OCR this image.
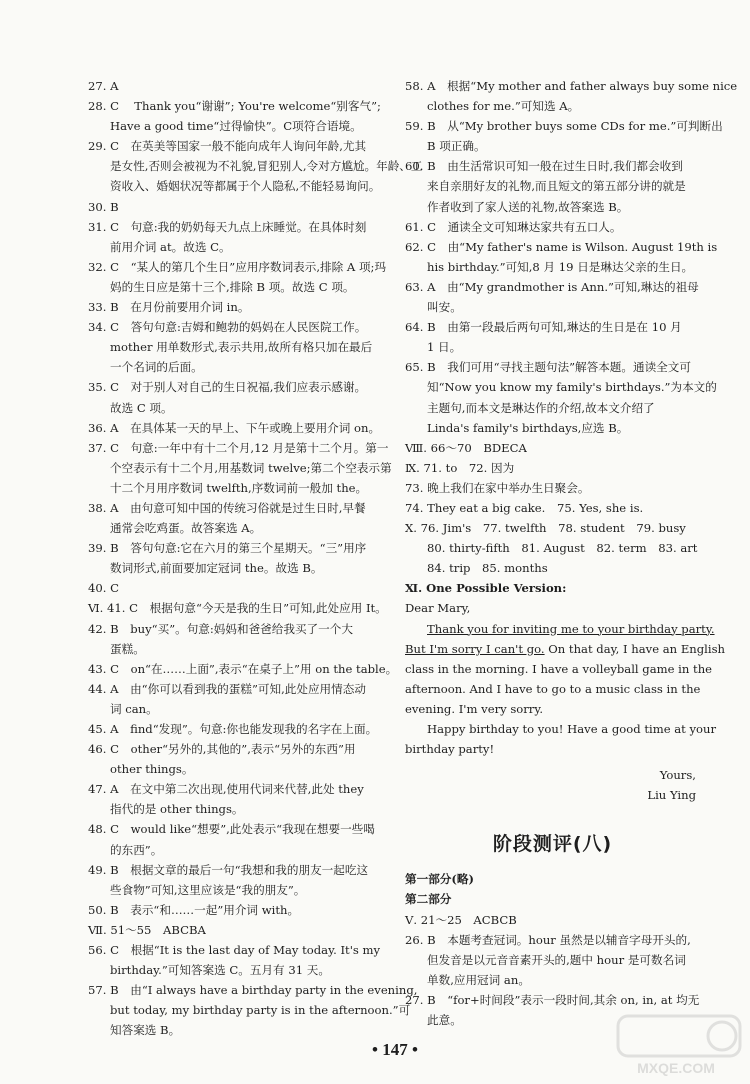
27. A
28. C　 Thank you“谢谢”; You're welcome“别客气”;
Have a good time“过得愉快”。C项符合语境。
29. C　在英美等国家一般不能向成年人询问年龄,尤其
是女性,否则会被视为不礼貌,冒犯别人,令对方尴尬。年龄、工
资收入、婚姻状况等都属于个人隐私,不能轻易询问。
30. B
31. C　句意:我的奶奶每天九点上床睡觉。在具体时刻
前用介词 at。故选 C。
32. C　“某人的第几个生日”应用序数词表示,排除 A 项;玛
妈的生日应是第十三个,排除 B 项。故选 C 项。
33. B　在月份前要用介词 in。
34. C　答句句意:吉姆和鲍勃的妈妈在人民医院工作。
mother 用单数形式,表示共用,故所有格只加在最后
一个名词的后面。
35. C　对于别人对自己的生日祝福,我们应表示感谢。
故选 C 项。
36. A　在具体某一天的早上、下午或晚上要用介词 on。
37. C　句意:一年中有十二个月,12 月是第十二个月。第一
个空表示有十二个月,用基数词 twelve;第二个空表示第
十二个月用序数词 twelfth,序数词前一般加 the。
38. A　由句意可知中国的传统习俗就是过生日时,早餐
通常会吃鸡蛋。故答案选 A。
39. B　答句句意:它在六月的第三个星期天。“三”用序
数词形式,前面要加定冠词 the。故选 B。
40. C
Ⅵ. 41. C　根据句意“今天是我的生日”可知,此处应用 It。
42. B　buy“买”。句意:妈妈和爸爸给我买了一个大
蛋糕。
43. C　on“在……上面”,表示“在桌子上”用 on the table。
44. A　由“你可以看到我的蛋糕”可知,此处应用情态动
词 can。
45. A　find“发现”。句意:你也能发现我的名字在上面。
46. C　other“另外的,其他的”,表示“另外的东西”用
other things。
47. A　在文中第二次出现,使用代词来代替,此处 they
指代的是 other things。
48. C　would like“想要”,此处表示“我现在想要一些喝
的东西”。
49. B　根据文章的最后一句“我想和我的朋友一起吃这
些食物”可知,这里应该是“我的朋友”。
50. B　表示“和……一起”用介词 with。
Ⅶ. 51～55　ABCBA
56. C　根据“It is the last day of May today. It's my
birthday.”可知答案选 C。五月有 31 天。
57. B　由“I always have a birthday party in the evening,
but today, my birthday party is in the afternoon.”可
知答案选 B。
58. A　根据“My mother and father always buy some nice
clothes for me.”可知选 A。
59. B　从“My brother buys some CDs for me.”可判断出
B 项正确。
60. B　由生活常识可知一般在过生日时,我们都会收到
来自亲朋好友的礼物,而且短文的第五部分讲的就是
作者收到了家人送的礼物,故答案选 B。
61. C　通读全文可知琳达家共有五口人。
62. C　由“My father's name is Wilson. August 19th is
his birthday.”可知,8 月 19 日是琳达父亲的生日。
63. A　由“My grandmother is Ann.”可知,琳达的祖母
叫安。
64. B　由第一段最后两句可知,琳达的生日是在 10 月
1 日。
65. B　我们可用“寻找主题句法”解答本题。通读全文可
知“Now you know my family's birthdays.”为本文的
主题句,而本文是琳达作的介绍,故本文介绍了
Linda's family's birthdays,应选 B。
Ⅷ. 66～70　BDECA
Ⅸ. 71. to　72. 因为
73. 晚上我们在家中举办生日聚会。
74. They eat a big cake.　75. Yes, she is.
Ⅹ. 76. Jim's　77. twelfth　78. student　79. busy
80. thirty-fifth　81. August　82. term　83. art
84. trip　85. months
Ⅺ. One Possible Version:
Dear Mary,
Thank you for inviting me to your birthday party.
But I'm sorry I can't go. On that day, I have an English
class in the morning. I have a volleyball game in the
afternoon. And I have to go to a music class in the
evening. I'm very sorry.
Happy birthday to you! Have a good time at your
birthday party!
Yours,
Liu Ying
阶段测评(八)
第一部分(略)
第二部分
Ⅴ. 21～25　ACBCB
26. B　本题考查冠词。hour 虽然是以辅音字母开头的,
但发音是以元音音素开头的,题中 hour 是可数名词
单数,应用冠词 an。
27. B　“for+时间段”表示一段时间,其余 on, in, at 均无
此意。
• 147 •
MXQE.COM
